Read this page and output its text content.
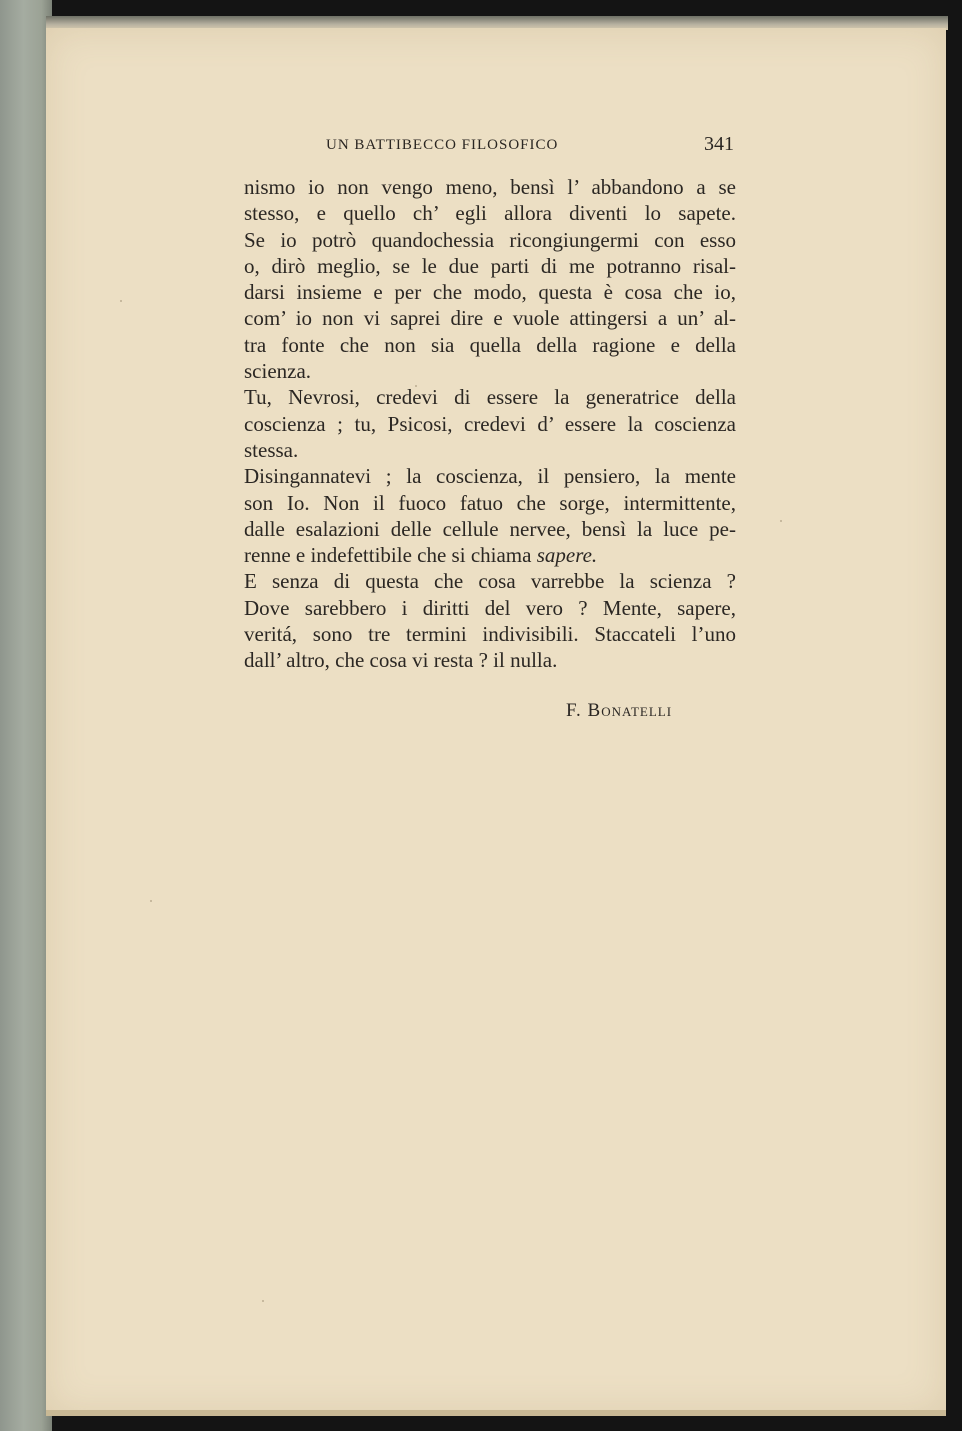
UN BATTIBECCO FILOSOFICO	341
nismo io non vengo meno, bensì l’ abbandono a se
stesso, e quello ch’ egli allora diventi lo sapete.
Se io potrò quandochessia ricongiungermi con esso
o, dirò meglio, se le due parti di me potranno risal-
darsi insieme e per che modo, questa è cosa che io,
com’ io non vi saprei dire e vuole attingersi a un’ al-
tra fonte che non sia quella della ragione e della
scienza.
Tu, Nevrosi, credevi di essere la generatrice della
coscienza ; tu, Psicosi, credevi d’ essere la coscienza
stessa.
Disingannatevi ; la coscienza, il pensiero, la mente
son Io. Non il fuoco fatuo che sorge, intermittente,
dalle esalazioni delle cellule nervee, bensì la luce pe-
renne e indefettibile che si chiama sapere.
E senza di questa che cosa varrebbe la scienza ?
Dove sarebbero i diritti del vero ? Mente, sapere,
veritá, sono tre termini indivisibili. Staccateli l’uno
dall’ altro, che cosa vi resta ? il nulla.
F. Bonatelli
